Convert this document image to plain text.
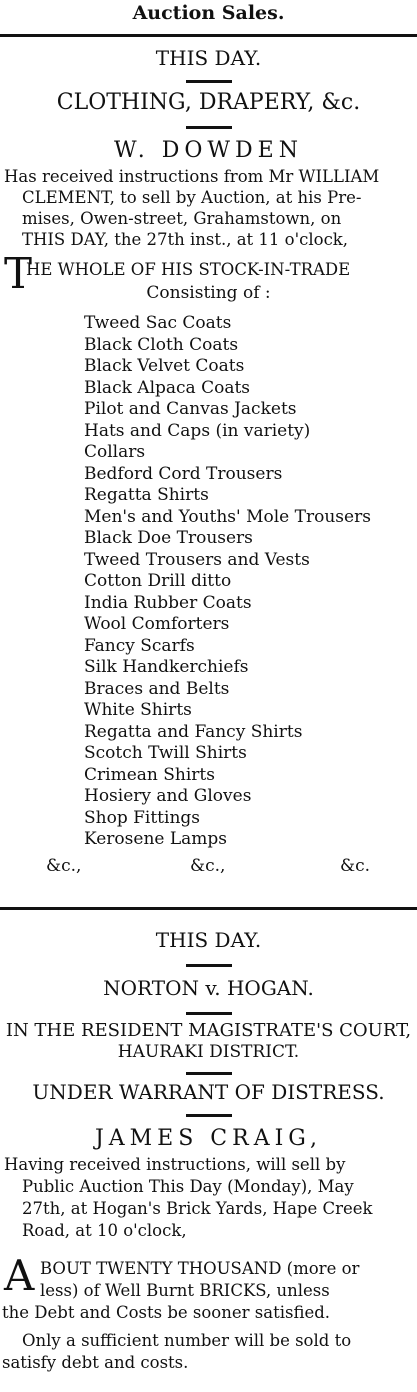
Auction Sales.
THIS DAY.
CLOTHING, DRAPERY, &c.
W. DOWDEN
Has received instructions from Mr WILLIAM
CLEMENT, to sell by Auction, at his Pre-
mises, Owen-street, Grahamstown, on
THIS DAY, the 27th inst., at 11 o'clock,
T
HE WHOLE OF HIS STOCK-IN-TRADE
Consisting of :
Tweed Sac Coats
Black Cloth Coats
Black Velvet Coats
Black Alpaca Coats
Pilot and Canvas Jackets
Hats and Caps (in variety)
Collars
Bedford Cord Trousers
Regatta Shirts
Men's and Youths' Mole Trousers
Black Doe Trousers
Tweed Trousers and Vests
Cotton Drill ditto
India Rubber Coats
Wool Comforters
Fancy Scarfs
Silk Handkerchiefs
Braces and Belts
White Shirts
Regatta and Fancy Shirts
Scotch Twill Shirts
Crimean Shirts
Hosiery and Gloves
Shop Fittings
Kerosene Lamps
&c.,	&c.,	&c.
THIS DAY.
NORTON v. HOGAN.
IN THE RESIDENT MAGISTRATE'S COURT,
HAURAKI DISTRICT.
UNDER WARRANT OF DISTRESS.
JAMES CRAIG,
Having received instructions, will sell by
Public Auction This Day (Monday), May
27th, at Hogan's Brick Yards, Hape Creek
Road, at 10 o'clock,
A BOUT TWENTY THOUSAND (more or
less) of Well Burnt BRICKS, unless
the Debt and Costs be sooner satisfied.
Only a sufficient number will be sold to
satisfy debt and costs.
